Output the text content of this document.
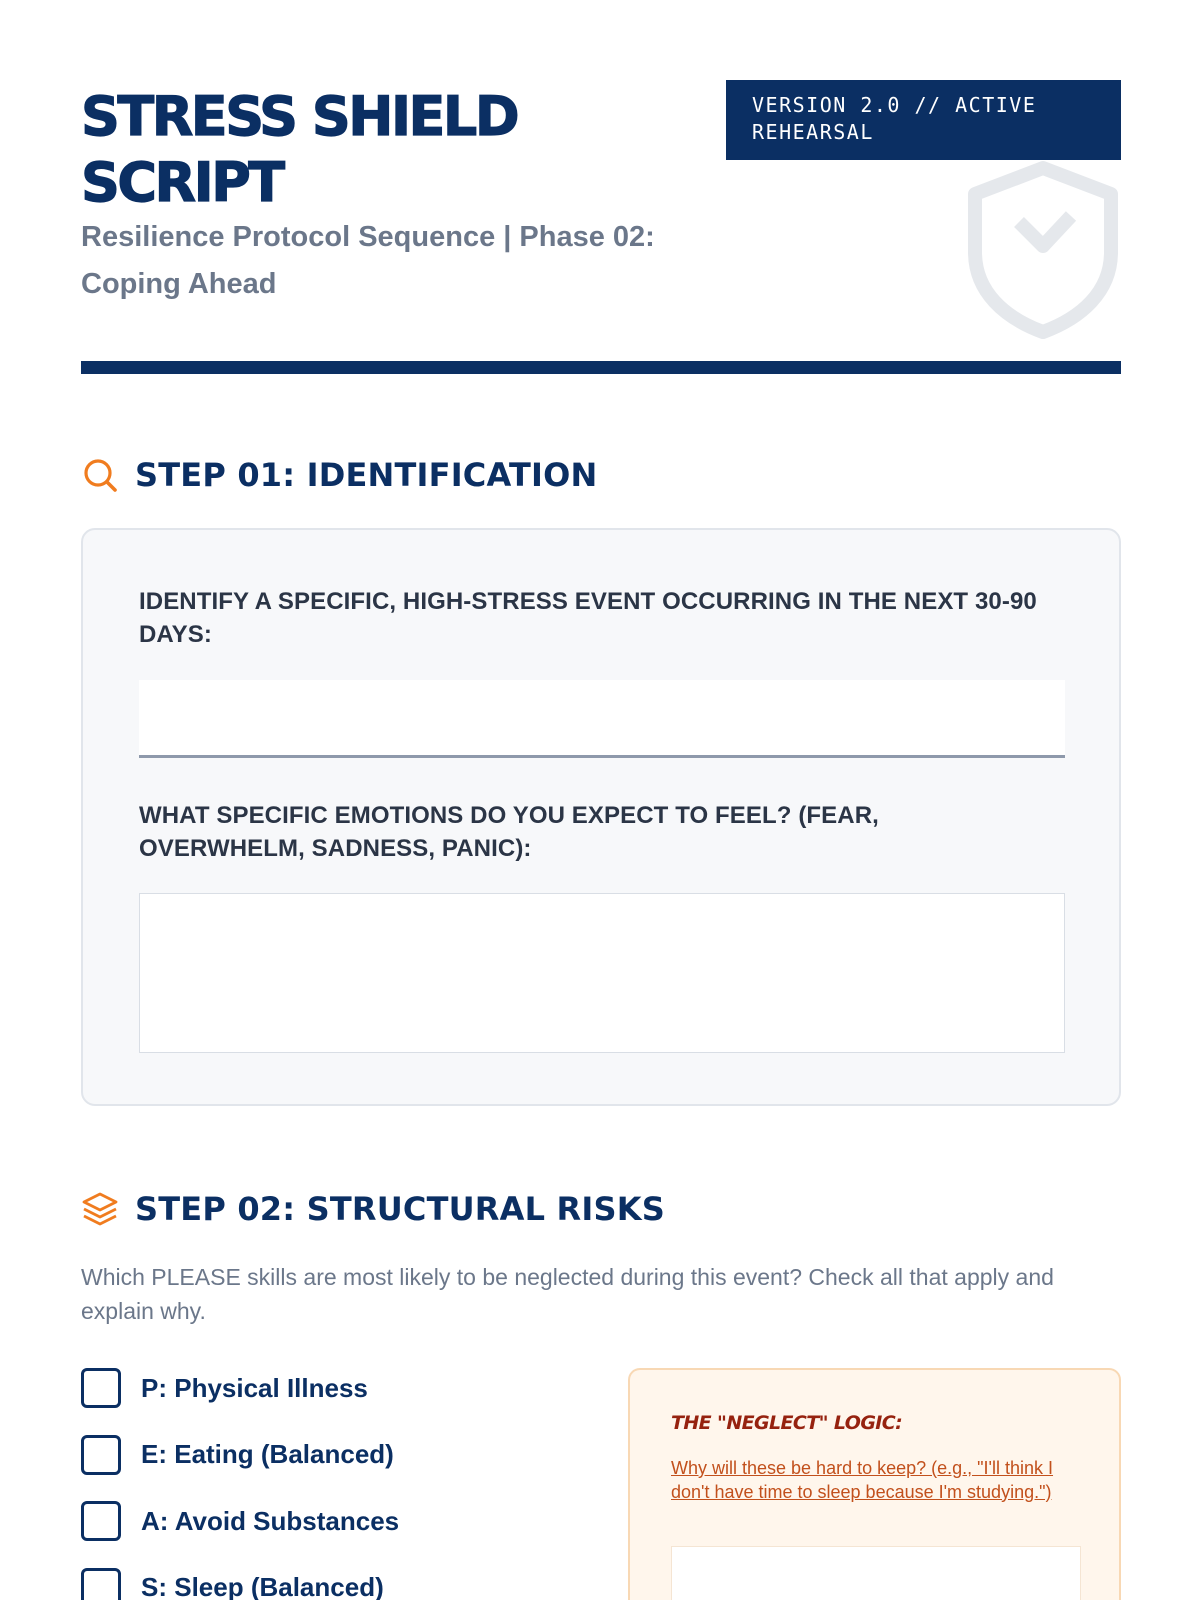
STRESS SHIELD SCRIPT
Resilience Protocol Sequence | Phase 02: Coping Ahead
VERSION 2.0 // ACTIVE REHEARSAL
STEP 01: IDENTIFICATION
IDENTIFY A SPECIFIC, HIGH-STRESS EVENT OCCURRING IN THE NEXT 30-90 DAYS:
WHAT SPECIFIC EMOTIONS DO YOU EXPECT TO FEEL? (FEAR, OVERWHELM, SADNESS, PANIC):
STEP 02: STRUCTURAL RISKS

Which PLEASE skills are most likely to be neglected during this event? Check all that apply and explain why.

P: Physical Illness
E: Eating (Balanced)
A: Avoid Substances
S: Sleep (Balanced)
THE "NEGLECT" LOGIC:
Why will these be hard to keep? (e.g., "I'll think I don't have time to sleep because I'm studying.")
